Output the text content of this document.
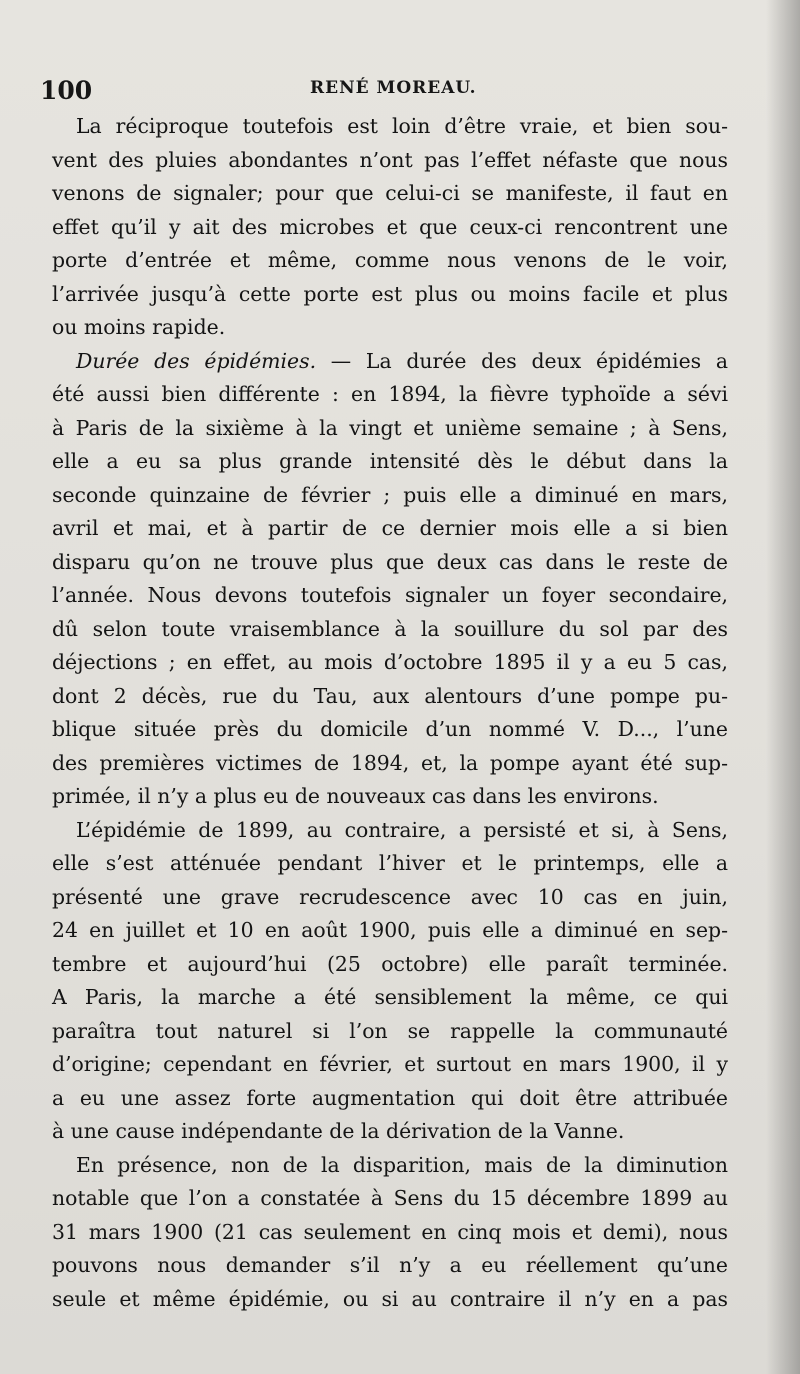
100	RENÉ MOREAU.
La réciproque toutefois est loin d’être vraie, et bien sou-
vent des pluies abondantes n’ont pas l’effet néfaste que nous
venons de signaler; pour que celui-ci se manifeste, il faut en
effet qu’il y ait des microbes et que ceux-ci rencontrent une
porte d’entrée et même, comme nous venons de le voir,
l’arrivée jusqu’à cette porte est plus ou moins facile et plus
ou moins rapide.
Durée des épidémies. — La durée des deux épidémies a
été aussi bien différente : en 1894, la fièvre typhoïde a sévi
à Paris de la sixième à la vingt et unième semaine ; à Sens,
elle a eu sa plus grande intensité dès le début dans la
seconde quinzaine de février ; puis elle a diminué en mars,
avril et mai, et à partir de ce dernier mois elle a si bien
disparu qu’on ne trouve plus que deux cas dans le reste de
l’année. Nous devons toutefois signaler un foyer secondaire,
dû selon toute vraisemblance à la souillure du sol par des
déjections ; en effet, au mois d’octobre 1895 il y a eu 5 cas,
dont 2 décès, rue du Tau, aux alentours d’une pompe pu-
blique située près du domicile d’un nommé V. D..., l’une
des premières victimes de 1894, et, la pompe ayant été sup-
primée, il n’y a plus eu de nouveaux cas dans les environs.
L’épidémie de 1899, au contraire, a persisté et si, à Sens,
elle s’est atténuée pendant l’hiver et le printemps, elle a
présenté une grave recrudescence avec 10 cas en juin,
24 en juillet et 10 en août 1900, puis elle a diminué en sep-
tembre et aujourd’hui (25 octobre) elle paraît terminée.
A Paris, la marche a été sensiblement la même, ce qui
paraîtra tout naturel si l’on se rappelle la communauté
d’origine; cependant en février, et surtout en mars 1900, il y
a eu une assez forte augmentation qui doit être attribuée
à une cause indépendante de la dérivation de la Vanne.
En présence, non de la disparition, mais de la diminution
notable que l’on a constatée à Sens du 15 décembre 1899 au
31 mars 1900 (21 cas seulement en cinq mois et demi), nous
pouvons nous demander s’il n’y a eu réellement qu’une
seule et même épidémie, ou si au contraire il n’y en a pas
